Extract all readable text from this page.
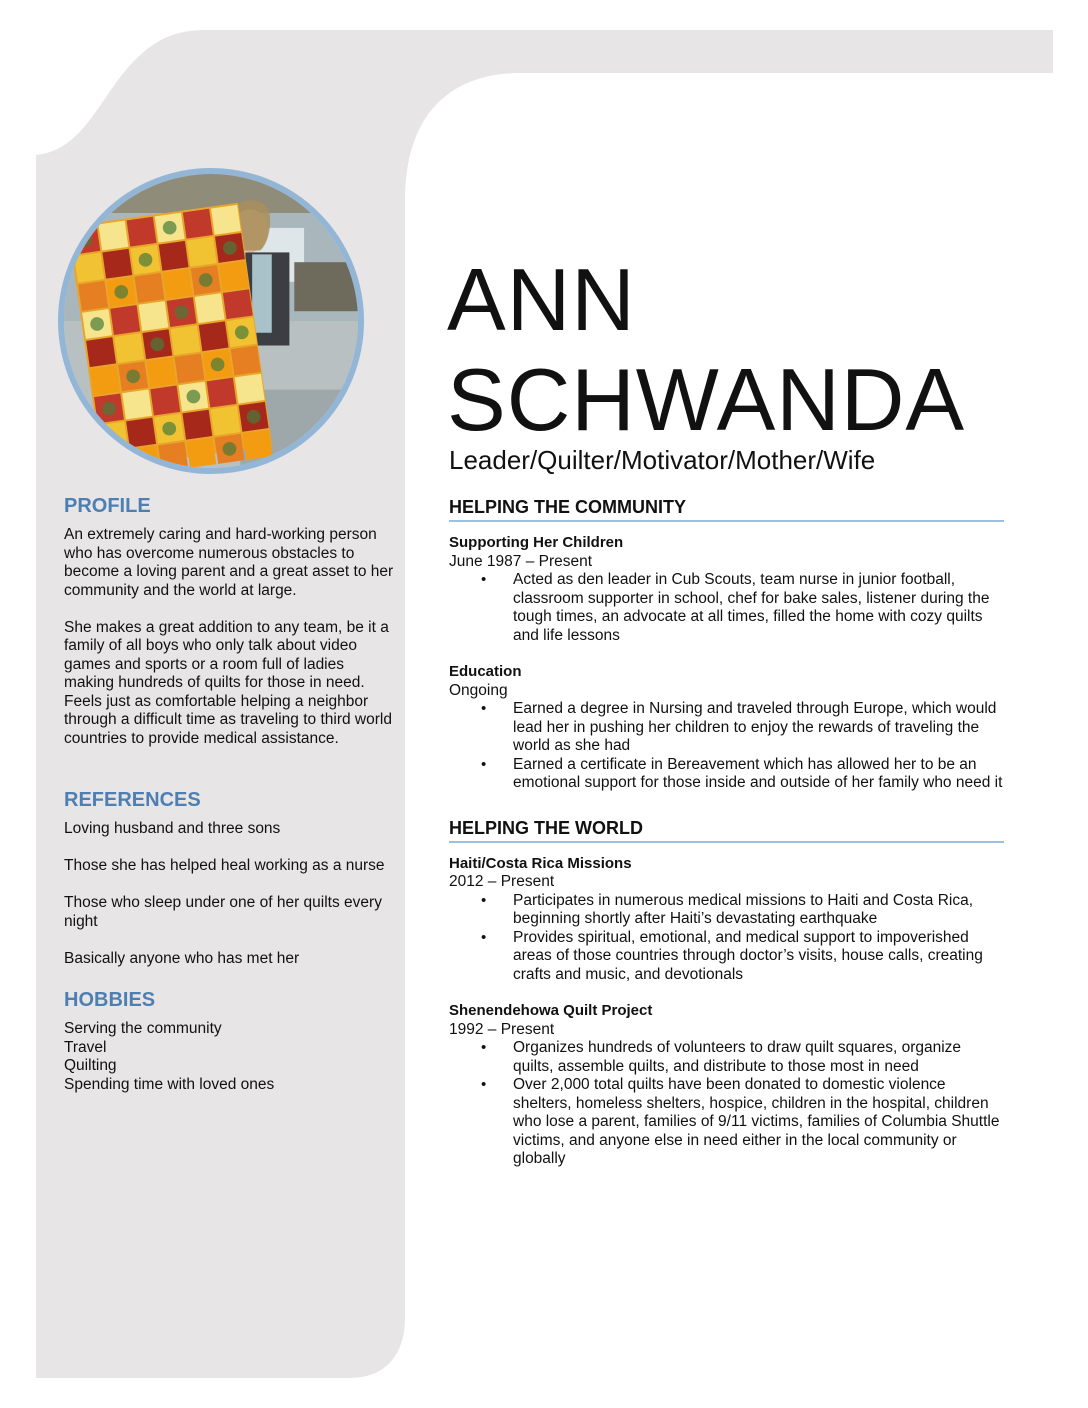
PROFILE

An extremely caring and hard-working person who has overcome numerous obstacles to become a loving parent and a great asset to her community and the world at large.

She makes a great addition to any team, be it a family of all boys who only talk about video games and sports or a room full of ladies making hundreds of quilts for those in need. Feels just as comfortable helping a neighbor through a difficult time as traveling to third world countries to provide medical assistance.

REFERENCES

Loving husband and three sons

Those she has helped heal working as a nurse

Those who sleep under one of her quilts every night

Basically anyone who has met her

HOBBIES
Serving the community
Travel
Quilting
Spending time with loved ones
ANN
SCHWANDA
Leader/Quilter/Motivator/Mother/Wife
HELPING THE COMMUNITY

Supporting Her Children

June 1987 – Present

• Acted as den leader in Cub Scouts, team nurse in junior football, classroom supporter in school, chef for bake sales, listener during the tough times, an advocate at all times, filled the home with cozy quilts and life lessons

Education

Ongoing

• Earned a degree in Nursing and traveled through Europe, which would lead her in pushing her children to enjoy the rewards of traveling the world as she had
• Earned a certificate in Bereavement which has allowed her to be an emotional support for those inside and outside of her family who need it
HELPING THE WORLD

Haiti/Costa Rica Missions

2012 – Present

• Participates in numerous medical missions to Haiti and Costa Rica, beginning shortly after Haiti’s devastating earthquake
• Provides spiritual, emotional, and medical support to impoverished areas of those countries through doctor’s visits, house calls, creating crafts and music, and devotionals

Shenendehowa Quilt Project

1992 – Present

• Organizes hundreds of volunteers to draw quilt squares, organize quilts, assemble quilts, and distribute to those most in need
• Over 2,000 total quilts have been donated to domestic violence shelters, homeless shelters, hospice, children in the hospital, children who lose a parent, families of 9/11 victims, families of Columbia Shuttle victims, and anyone else in need either in the local community or globally
